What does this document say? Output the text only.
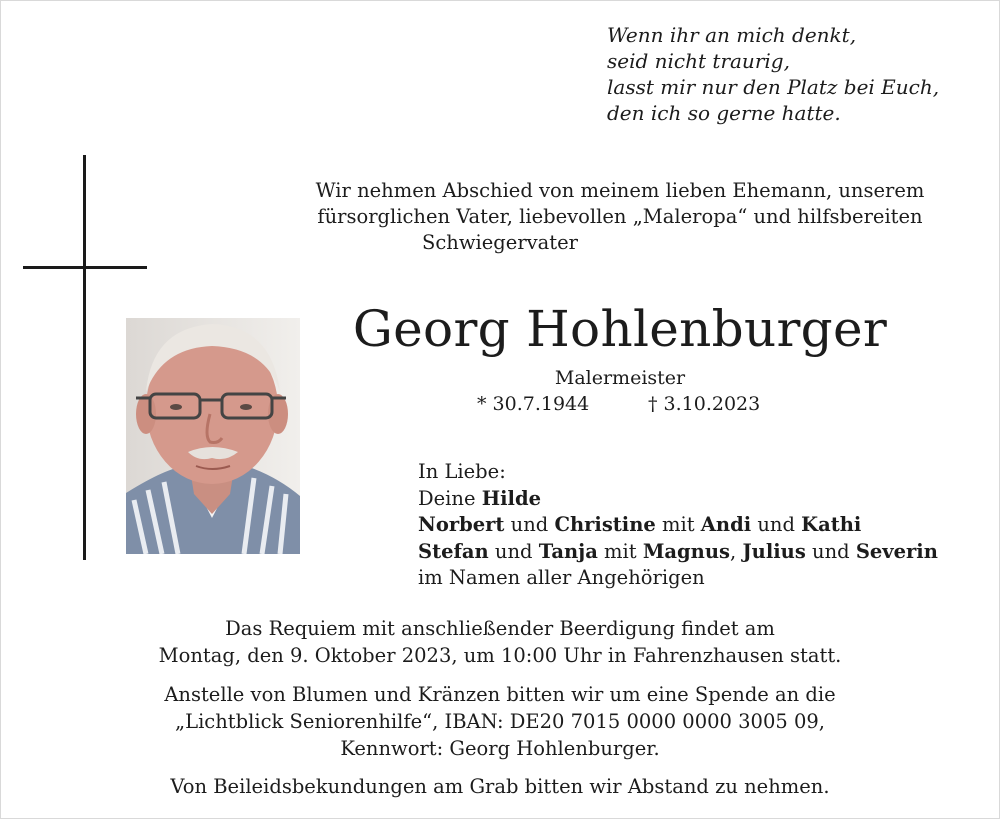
Wenn ihr an mich denkt,
seid nicht traurig,
lasst mir nur den Platz bei Euch,
den ich so gerne hatte.
Wir nehmen Abschied von meinem lieben Ehemann, unserem
fürsorglichen Vater, liebevollen „Maleropa“ und hilfsbereiten
Schwiegervater
Georg Hohlenburger
Malermeister
* 30.7.1944	† 3.10.2023
In Liebe:
Deine Hilde
Norbert und Christine mit Andi und Kathi
Stefan und Tanja mit Magnus, Julius und Severin
im Namen aller Angehörigen
Das Requiem mit anschließender Beerdigung findet am
Montag, den 9. Oktober 2023, um 10:00 Uhr in Fahrenzhausen statt.
Anstelle von Blumen und Kränzen bitten wir um eine Spende an die
„Lichtblick Seniorenhilfe“, IBAN: DE20 7015 0000 0000 3005 09,
Kennwort: Georg Hohlenburger.
Von Beileidsbekundungen am Grab bitten wir Abstand zu nehmen.
